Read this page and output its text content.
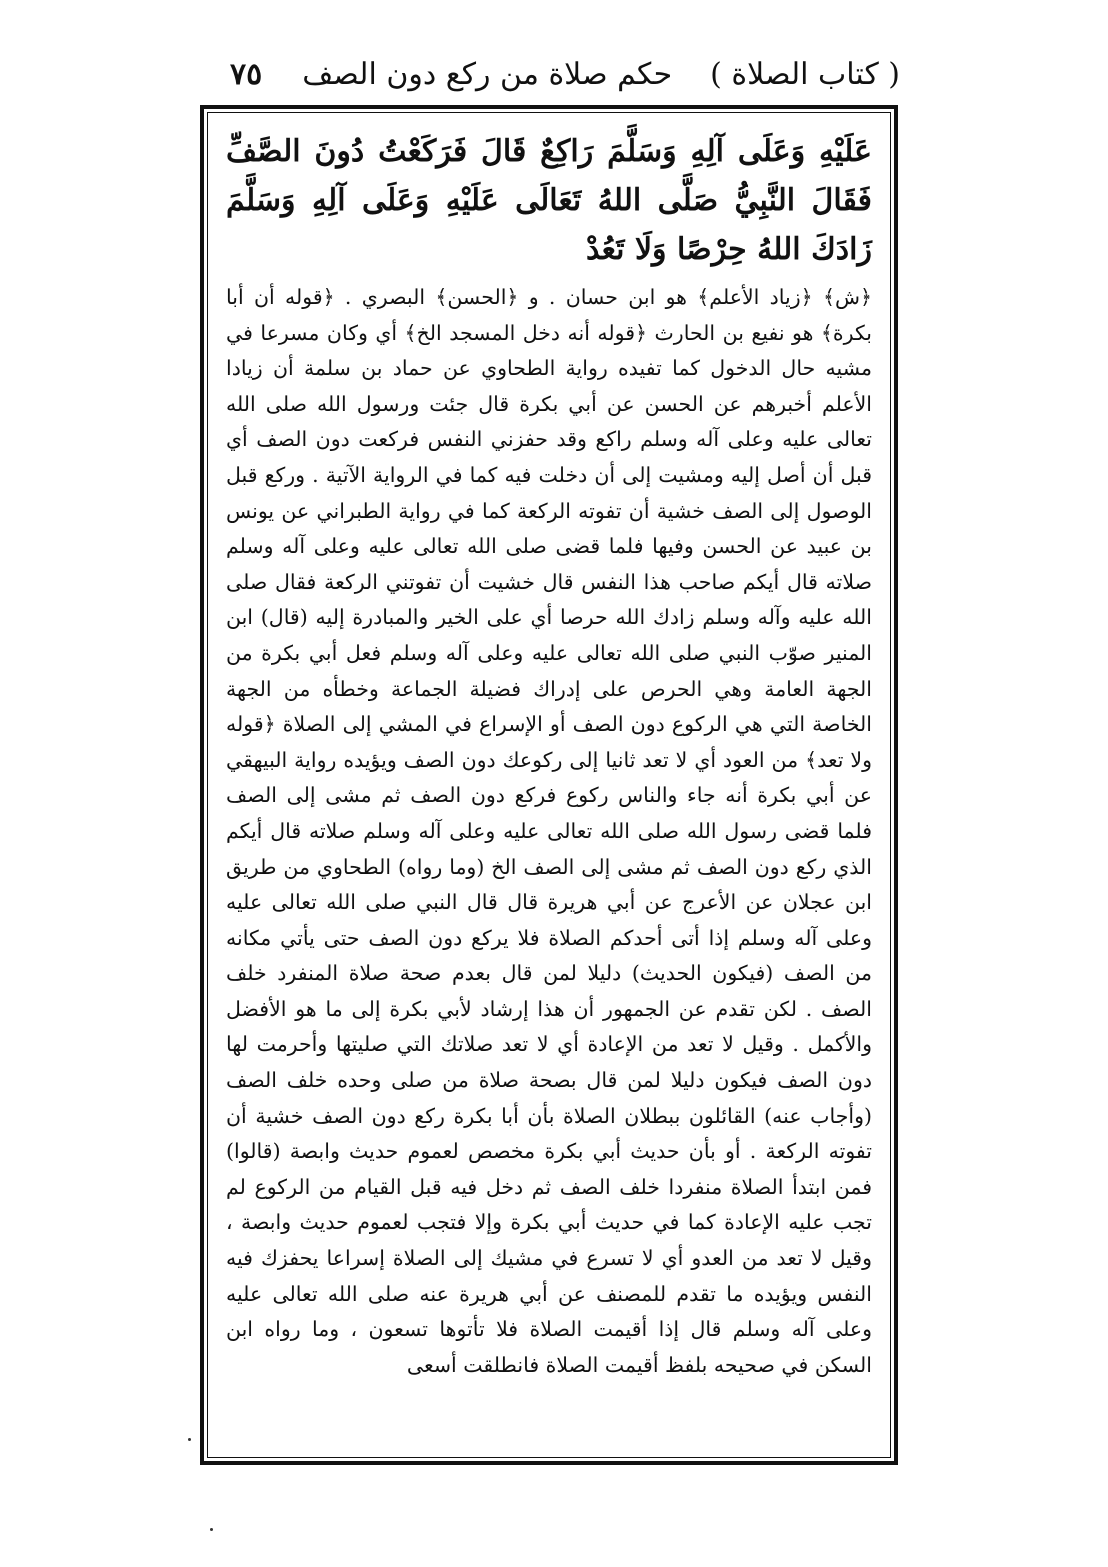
٧٥	( كتاب الصلاة )حكم صلاة من ركع دون الصف

عَلَيْهِ وَعَلَى آلِهِ وَسَلَّمَ رَاكِعٌ قَالَ فَرَكَعْتُ دُونَ الصَّفِّ فَقَالَ النَّبِيُّ صَلَّى اللهُ تَعَالَى عَلَيْهِ وَعَلَى آلِهِ وَسَلَّمَ زَادَكَ اللهُ حِرْصًا وَلَا تَعُدْ

﴿ش﴾ ﴿زياد الأعلم﴾ هو ابن حسان . و ﴿الحسن﴾ البصري . ﴿قوله أن أبا بكرة﴾ هو نفيع بن الحارث ﴿قوله أنه دخل المسجد الخ﴾ أي وكان مسرعا في مشيه حال الدخول كما تفيده رواية الطحاوي عن حماد بن سلمة أن زيادا الأعلم أخبرهم عن الحسن عن أبي بكرة قال جئت ورسول الله صلى الله تعالى عليه وعلى آله وسلم راكع وقد حفزني النفس فركعت دون الصف أي قبل أن أصل إليه ومشيت إلى أن دخلت فيه كما في الرواية الآتية . وركع قبل الوصول إلى الصف خشية أن تفوته الركعة كما في رواية الطبراني عن يونس بن عبيد عن الحسن وفيها فلما قضى صلى الله تعالى عليه وعلى آله وسلم صلاته قال أيكم صاحب هذا النفس قال خشيت أن تفوتني الركعة فقال صلى الله عليه وآله وسلم زادك الله حرصا أي على الخير والمبادرة إليه (قال) ابن المنير صوّب النبي صلى الله تعالى عليه وعلى آله وسلم فعل أبي بكرة من الجهة العامة وهي الحرص على إدراك فضيلة الجماعة وخطأه من الجهة الخاصة التي هي الركوع دون الصف أو الإسراع في المشي إلى الصلاة ﴿قوله ولا تعد﴾ من العود أي لا تعد ثانيا إلى ركوعك دون الصف ويؤيده رواية البيهقي عن أبي بكرة أنه جاء والناس ركوع فركع دون الصف ثم مشى إلى الصف فلما قضى رسول الله صلى الله تعالى عليه وعلى آله وسلم صلاته قال أيكم الذي ركع دون الصف ثم مشى إلى الصف الخ (وما رواه) الطحاوي من طريق ابن عجلان عن الأعرج عن أبي هريرة قال قال النبي صلى الله تعالى عليه وعلى آله وسلم إذا أتى أحدكم الصلاة فلا يركع دون الصف حتى يأتي مكانه من الصف (فيكون الحديث) دليلا لمن قال بعدم صحة صلاة المنفرد خلف الصف . لكن تقدم عن الجمهور أن هذا إرشاد لأبي بكرة إلى ما هو الأفضل والأكمل . وقيل لا تعد من الإعادة أي لا تعد صلاتك التي صليتها وأحرمت لها دون الصف فيكون دليلا لمن قال بصحة صلاة من صلى وحده خلف الصف (وأجاب عنه) القائلون ببطلان الصلاة بأن أبا بكرة ركع دون الصف خشية أن تفوته الركعة . أو بأن حديث أبي بكرة مخصص لعموم حديث وابصة (قالوا) فمن ابتدأ الصلاة منفردا خلف الصف ثم دخل فيه قبل القيام من الركوع لم تجب عليه الإعادة كما في حديث أبي بكرة وإلا فتجب لعموم حديث وابصة ، وقيل لا تعد من العدو أي لا تسرع في مشيك إلى الصلاة إسراعا يحفزك فيه النفس ويؤيده ما تقدم للمصنف عن أبي هريرة عنه صلى الله تعالى عليه وعلى آله وسلم قال إذا أقيمت الصلاة فلا تأتوها تسعون ، وما رواه ابن السكن في صحيحه بلفظ أقيمت الصلاة فانطلقت أسعى
